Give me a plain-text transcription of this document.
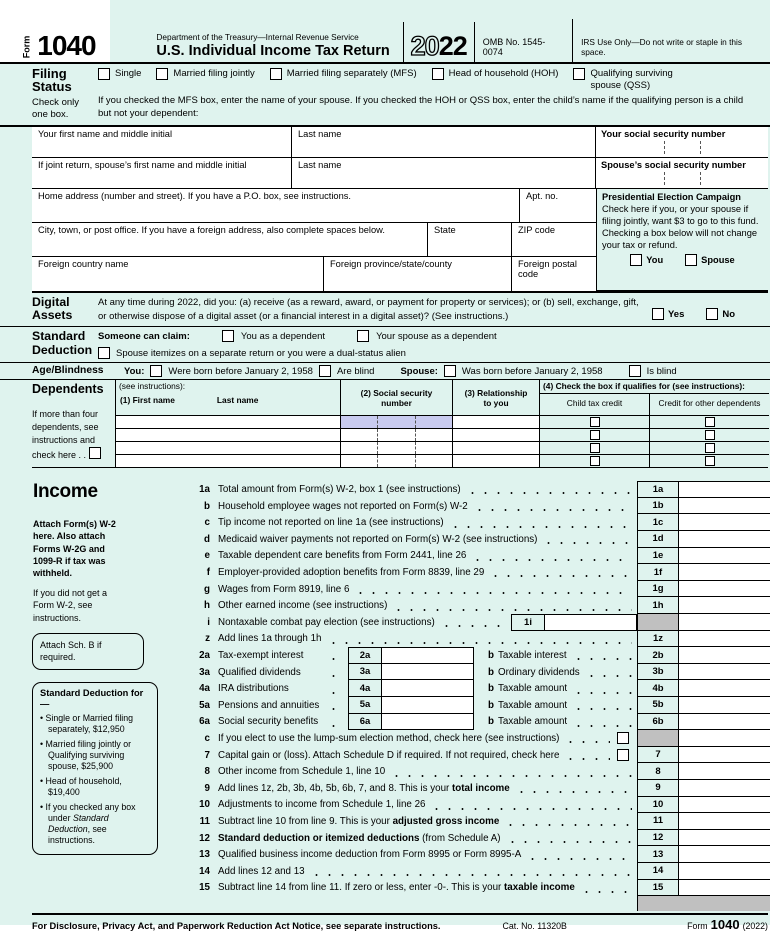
Form 1040	Department of the Treasury—Internal Revenue Service
U.S. Individual Income Tax Return 20 22	OMB No. 1545-0074
IRS Use Only—Do not write or staple in this space.
Filing Status
Check only one box.
Single	Married filing jointly	Married filing separately (MFS)	Head of household (HOH)	Qualifying surviving spouse (QSS)
If you checked the MFS box, enter the name of your spouse. If you checked the HOH or QSS box, enter the child’s name if the qualifying person is a child but not your dependent:
Your first name and middle initial	Last name	Your social security number
If joint return, spouse’s first name and middle initial	Last name	Spouse’s social security number
Home address (number and street). If you have a P.O. box, see instructions.	Apt. no.
City, town, or post office. If you have a foreign address, also complete spaces below.	State	ZIP code
Foreign country name	Foreign province/state/county	Foreign postal code
Presidential Election Campaign
Check here if you, or your spouse if filing jointly, want $3 to go to this fund. Checking a box below will not change your tax or refund.
You	Spouse
Digital Assets
At any time during 2022, did you: (a) receive (as a reward, award, or payment for property or services); or (b) sell, exchange, gift, or otherwise dispose of a digital asset (or a financial interest in a digital asset)? (See instructions.)	Yes	No
Standard Deduction
Someone can claim:	You as a dependent	Your spouse as a dependent
Spouse itemizes on a separate return or you were a dual-status alien
Age/Blindness	You:	Were born before January 2, 1958	Are blind	Spouse:	Was born before January 2, 1958	Is blind
Dependents
If more than four dependents, see instructions and check here . .
(see instructions):
(1) First name	Last name
(2) Social security number
(3) Relationship to you
(4) Check the box if qualifies for (see instructions):
Child tax credit	Credit for other dependents
Income
Attach Form(s) W-2 here. Also attach Forms W-2G and 1099-R if tax was withheld.
If you did not get a Form W-2, see instructions.
Attach Sch. B if required.
Standard Deduction for—
• Single or Married filing separately, $12,950
• Married filing jointly or Qualifying surviving spouse, $25,900
• Head of household, $19,400
• If you checked any box under Standard Deduction, see instructions.
1a Total amount from Form(s) W-2, box 1 (see instructions)	1a
b Household employee wages not reported on Form(s) W-2	1b
c Tip income not reported on line 1a (see instructions)	1c
d Medicaid waiver payments not reported on Form(s) W-2 (see instructions)	1d
e Taxable dependent care benefits from Form 2441, line 26	1e
f Employer-provided adoption benefits from Form 8839, line 29	1f
g Wages from Form 8919, line 6	1g
h Other earned income (see instructions)	1h
i Nontaxable combat pay election (see instructions)	1i
z Add lines 1a through 1h	1z
2a Tax-exempt interest	2a	b Taxable interest	2b
3a Qualified dividends	3a	b Ordinary dividends	3b
4a IRA distributions	4a	b Taxable amount	4b
5a Pensions and annuities	5a	b Taxable amount	5b
6a Social security benefits	6a	b Taxable amount	6b
c If you elect to use the lump-sum election method, check here (see instructions)
7 Capital gain or (loss). Attach Schedule D if required. If not required, check here	7
8 Other income from Schedule 1, line 10	8
9 Add lines 1z, 2b, 3b, 4b, 5b, 6b, 7, and 8. This is your total income	9
10 Adjustments to income from Schedule 1, line 26	10
11 Subtract line 10 from line 9. This is your adjusted gross income	11
12 Standard deduction or itemized deductions (from Schedule A)	12
13 Qualified business income deduction from Form 8995 or Form 8995-A	13
14 Add lines 12 and 13	14
15 Subtract line 14 from line 11. If zero or less, enter -0-. This is your taxable income	15
For Disclosure, Privacy Act, and Paperwork Reduction Act Notice, see separate instructions.	Cat. No. 11320B	Form 1040 (2022)
